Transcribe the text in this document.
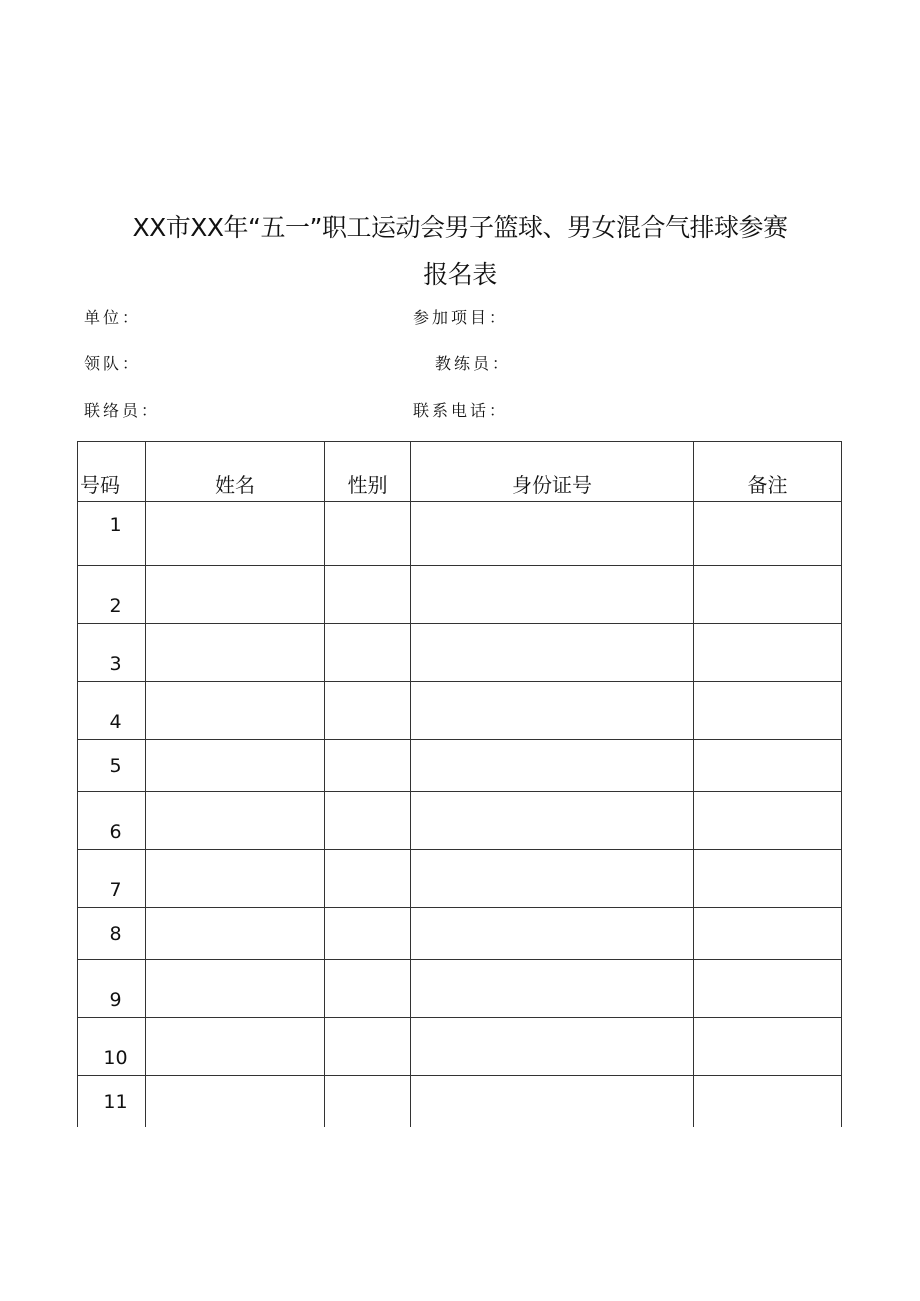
XX市XX年“五一”职工运动会男子篮球、男女混合气排球参赛
报名表
单位：	参加项目：
领队：	教练员：
联络员：	联系电话：
号码	姓名	性别	身份证号	备注
1				
2				
3				
4				
5				
6				
7				
8				
9				
10				
11				
